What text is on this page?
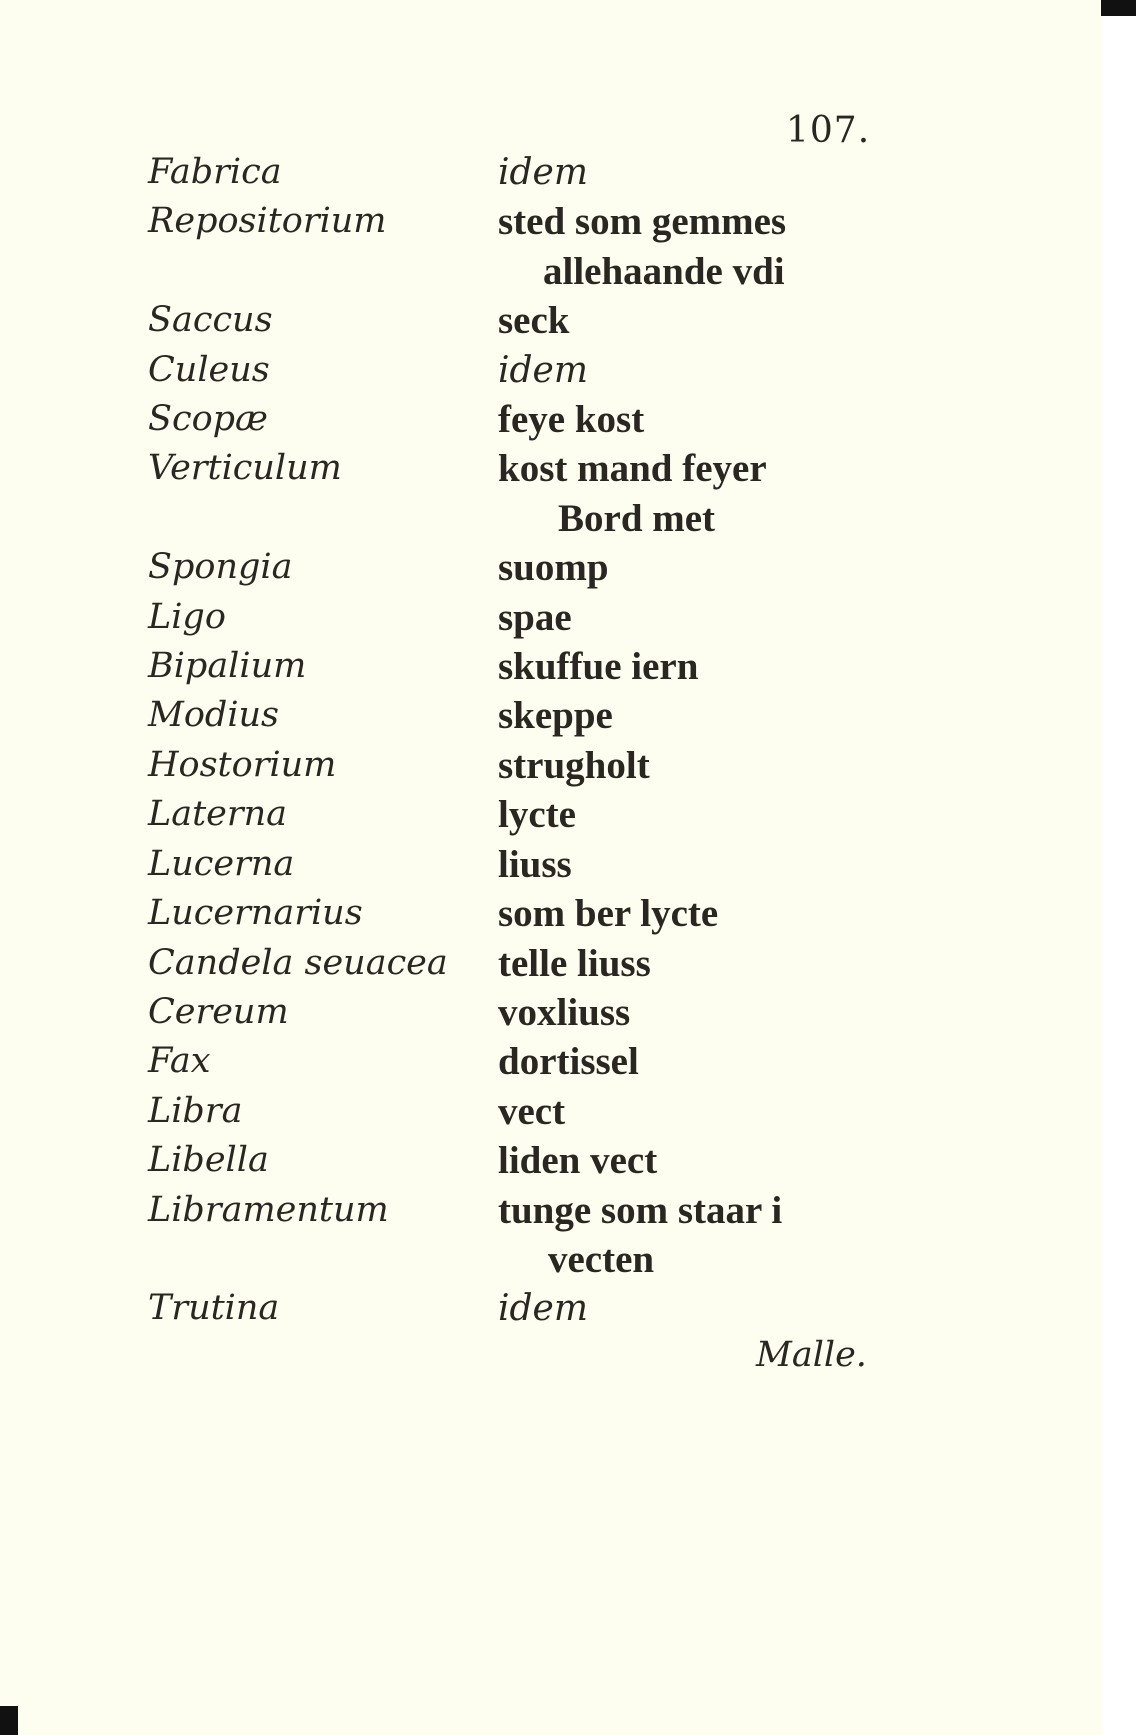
107.
Fabrica	idem
Repositorium	sted som gemmes
allehaande vdi
Saccus	seck
Culeus	idem
Scopæ	feye kost
Verticulum	kost mand feyer
Bord met
Spongia	suomp
Ligo	spae
Bipalium	skuffue iern
Modius	skeppe
Hostorium	strugholt
Laterna	lycte
Lucerna	liuss
Lucernarius	som ber lycte
Candela seuacea	telle liuss
Cereum	voxliuss
Fax	dortissel
Libra	vect
Libella	liden vect
Libramentum	tunge som staar i
vecten
Trutina	idem
Malle.
